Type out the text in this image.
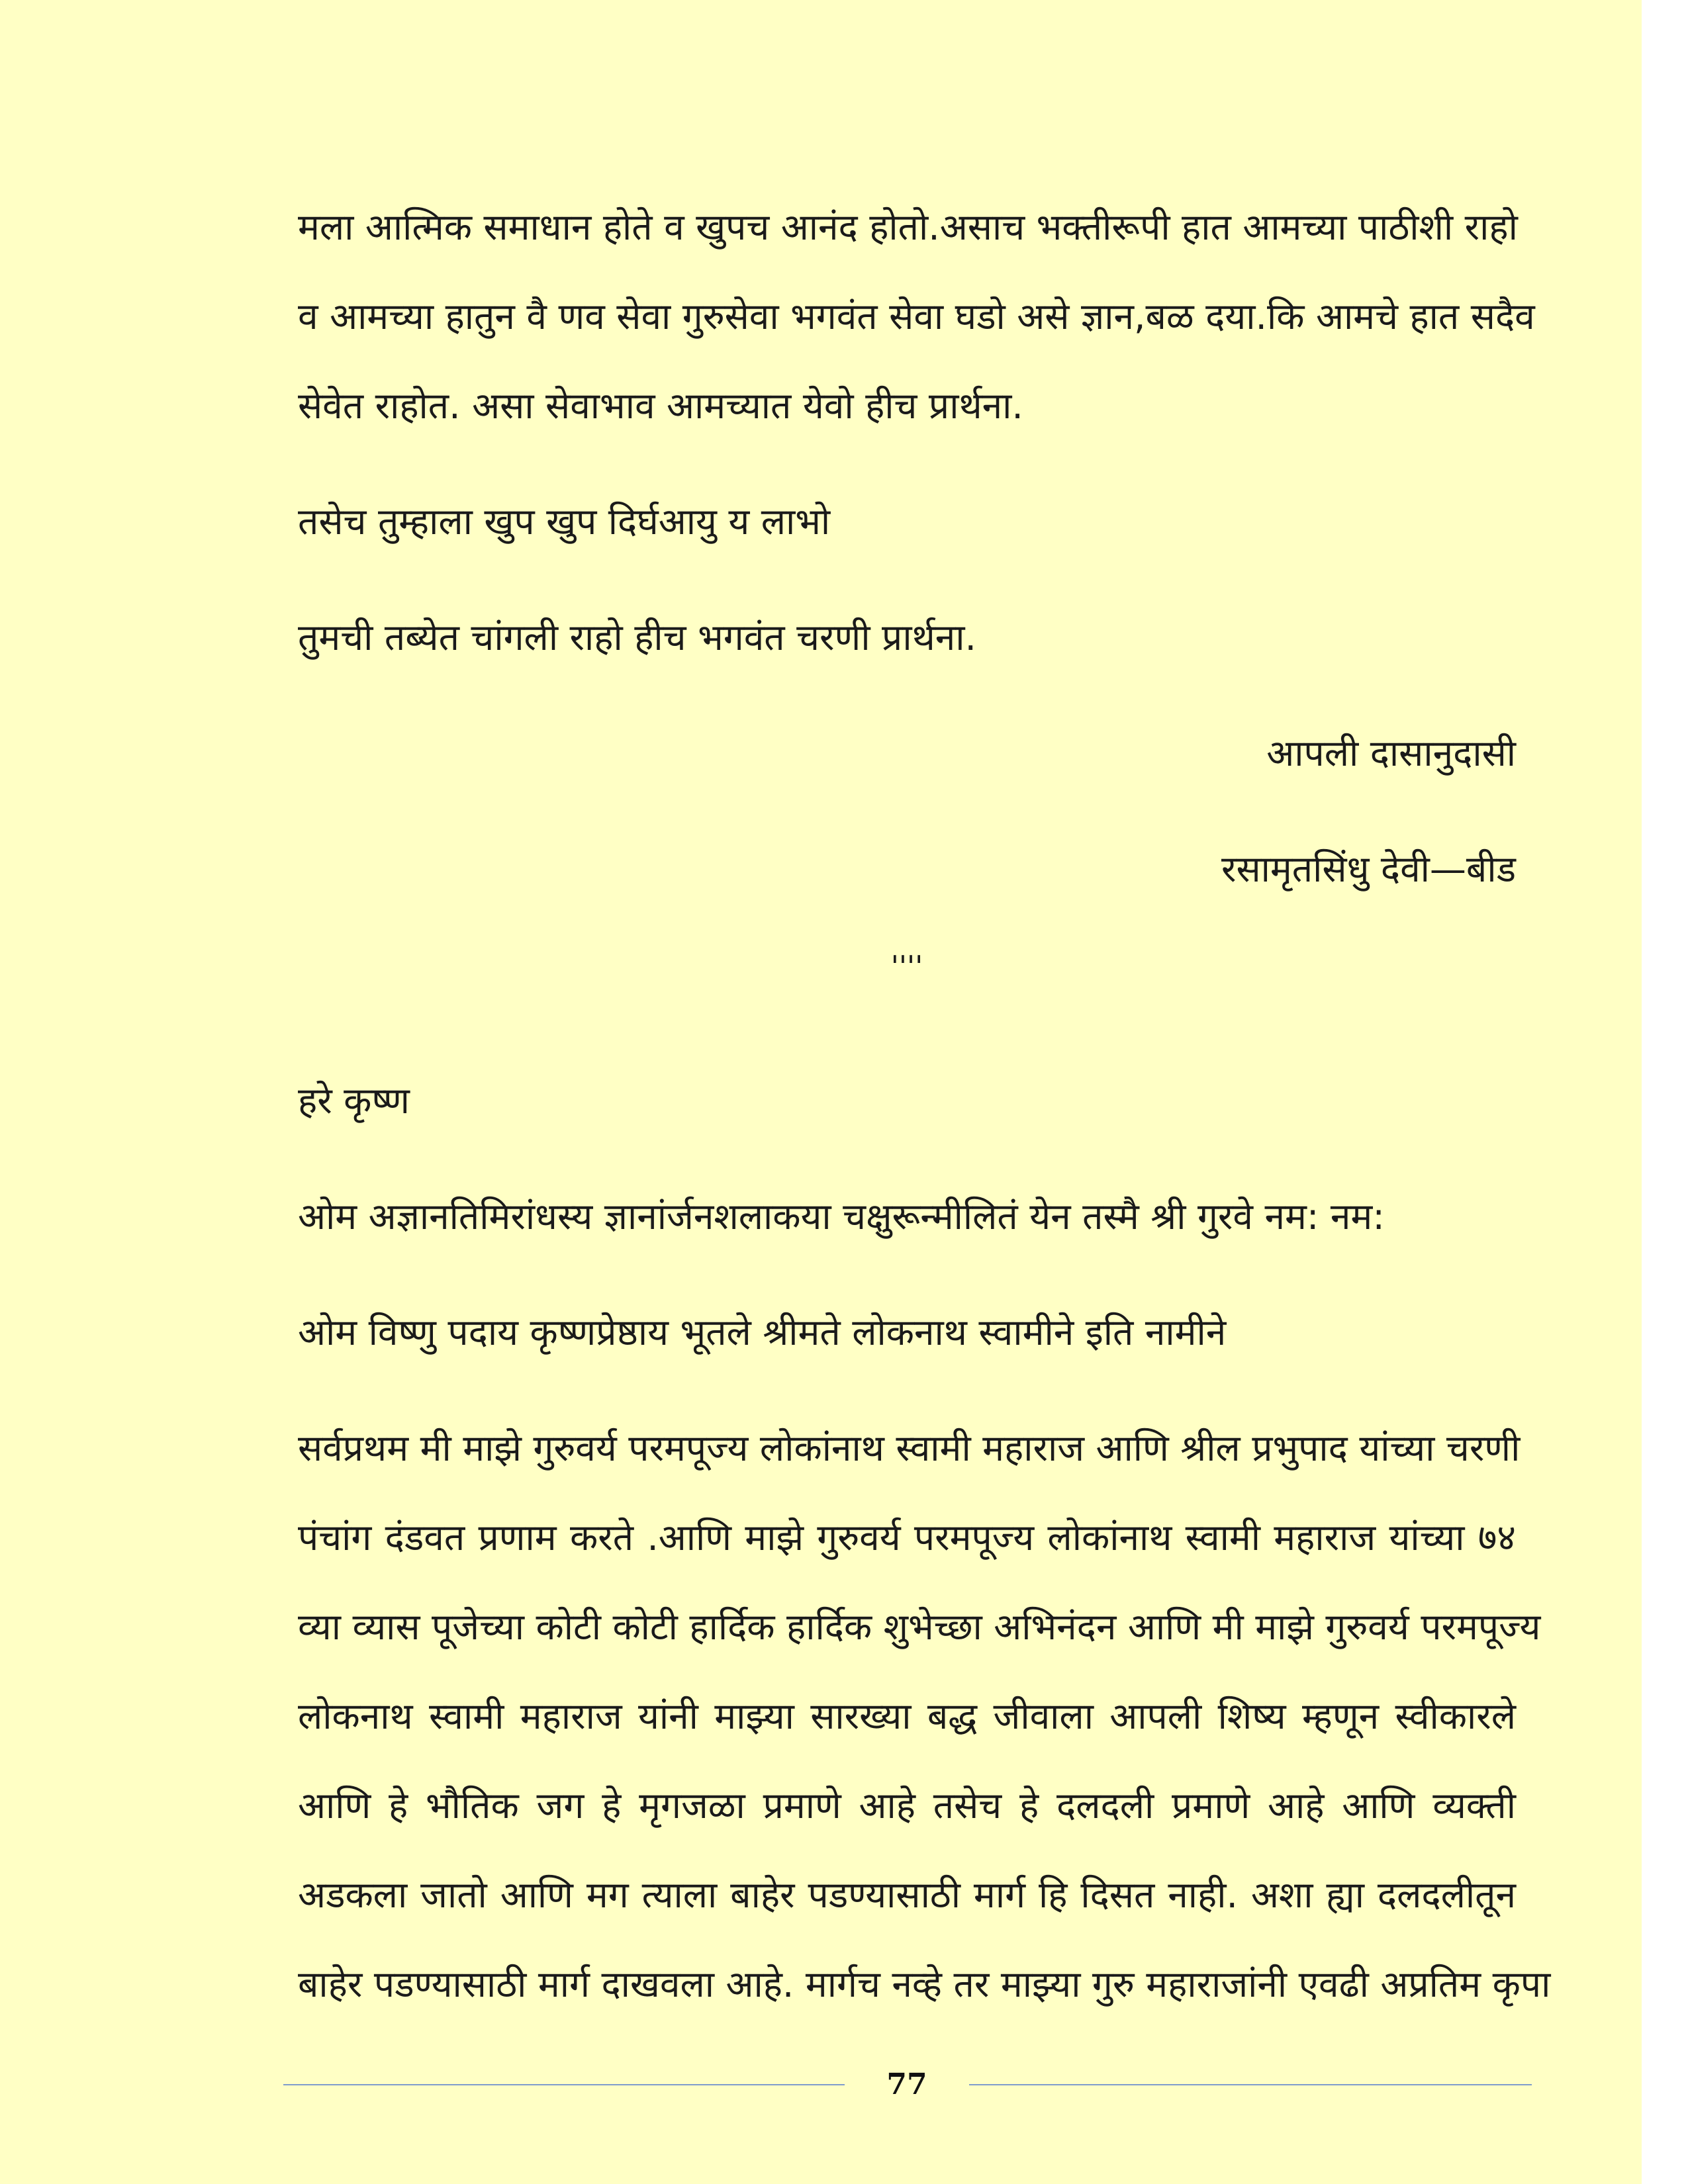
मला आत्मिक समाधान होते व खुपच आनंद होतो.असाच भक्तीरूपी हात आमच्या पाठीशी राहो
व आमच्या हातुन वै णव सेवा गुरुसेवा भगवंत सेवा घडो असे ज्ञान,बळ दया.कि आमचे हात सदैव
सेवेत राहोत. असा सेवाभाव आमच्यात येवो हीच प्रार्थना.
तसेच तुम्हाला खुप खुप दिर्घआयु य लाभो
तुमची तब्येत चांगली राहो हीच भगवंत चरणी प्रार्थना.
आपली दासानुदासी
रसामृतसिंधु देवी—बीड
''''
हरे कृष्ण
ओम अज्ञानतिमिरांधस्य ज्ञानांर्जनशलाकया चक्षुरून्मीलितं येन तस्मै श्री गुरवे नम: नम:
ओम विष्णु पदाय कृष्णप्रेष्ठाय भूतले श्रीमते लोकनाथ स्वामीने इति नामीने
सर्वप्रथम मी माझे गुरुवर्य परमपूज्य लोकांनाथ स्वामी महाराज आणि श्रील प्रभुपाद यांच्या चरणी
पंचांग दंडवत प्रणाम करते .आणि माझे गुरुवर्य परमपूज्य लोकांनाथ स्वामी महाराज यांच्या ७४
व्या व्यास पूजेच्या कोटी कोटी हार्दिक हार्दिक शुभेच्छा अभिनंदन आणि मी माझे गुरुवर्य परमपूज्य
लोकनाथ स्वामी महाराज यांनी माझ्या सारख्या बद्ध जीवाला आपली शिष्य म्हणून स्वीकारले
आणि हे भौतिक जग हे मृगजळा प्रमाणे आहे तसेच हे दलदली प्रमाणे आहे आणि व्यक्ती
अडकला जातो आणि मग त्याला बाहेर पडण्यासाठी मार्ग हि दिसत नाही. अशा ह्या दलदलीतून
बाहेर पडण्यासाठी मार्ग दाखवला आहे. मार्गच नव्हे तर माझ्या गुरु महाराजांनी एवढी अप्रतिम कृपा
77
